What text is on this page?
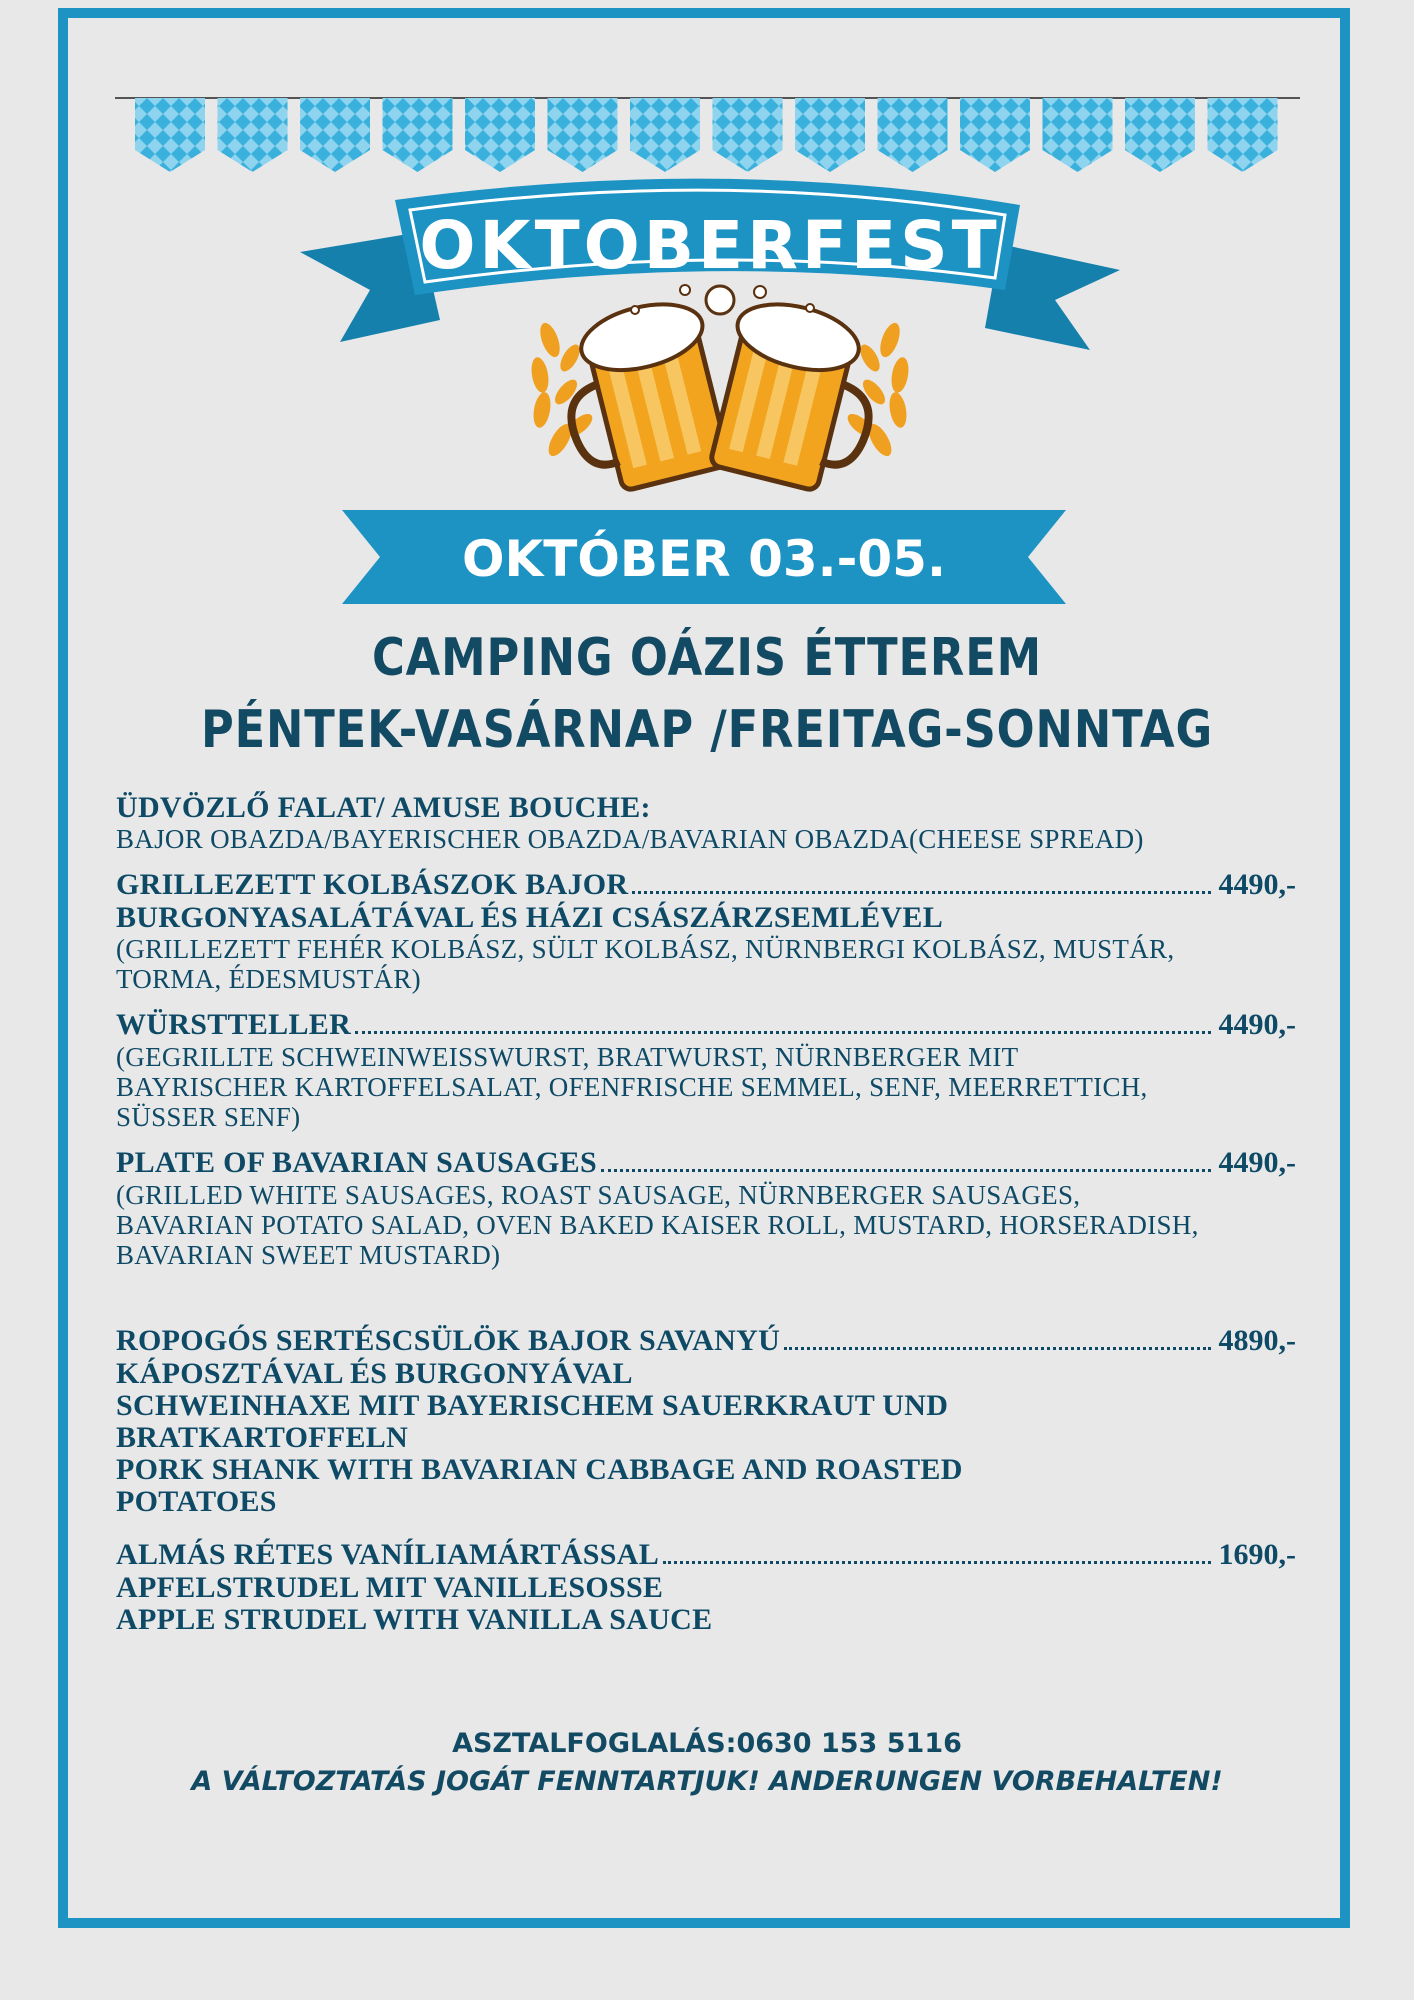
OKTOBERFEST
OKTÓBER 03.-05.
CAMPING OÁZIS ÉTTEREM
PÉNTEK-VASÁRNAP /FREITAG-SONNTAG
ÜDVÖZLŐ FALAT/ AMUSE BOUCHE:
BAJOR OBAZDA/BAYERISCHER OBAZDA/BAVARIAN OBAZDA(CHEESE SPREAD)
GRILLEZETT KOLBÁSZOK BAJOR	4490,-
BURGONYASALÁTÁVAL ÉS HÁZI CSÁSZÁRZSEMLÉVEL
(GRILLEZETT FEHÉR KOLBÁSZ, SÜLT KOLBÁSZ, NÜRNBERGI KOLBÁSZ, MUSTÁR, TORMA, ÉDESMUSTÁR)
WÜRSTTELLER	4490,-
(GEGRILLTE SCHWEINWEISSWURST, BRATWURST, NÜRNBERGER MIT BAYRISCHER KARTOFFELSALAT, OFENFRISCHE SEMMEL, SENF, MEERRETTICH, SÜSSER SENF)
PLATE OF BAVARIAN SAUSAGES	4490,-
(GRILLED WHITE SAUSAGES, ROAST SAUSAGE, NÜRNBERGER SAUSAGES, BAVARIAN POTATO SALAD, OVEN BAKED KAISER ROLL, MUSTARD, HORSERADISH, BAVARIAN SWEET MUSTARD)
ROPOGÓS SERTÉSCSÜLÖK BAJOR SAVANYÚ	4890,-
KÁPOSZTÁVAL ÉS BURGONYÁVAL
SCHWEINHAXE MIT BAYERISCHEM SAUERKRAUT UND BRATKARTOFFELN
PORK SHANK WITH BAVARIAN CABBAGE AND ROASTED POTATOES
ALMÁS RÉTES VANÍLIAMÁRTÁSSAL	1690,-
APFELSTRUDEL MIT VANILLESOSSE
APPLE STRUDEL WITH VANILLA SAUCE
ASZTALFOGLALÁS:0630 153 5116
A VÁLTOZTATÁS JOGÁT FENNTARTJUK! ANDERUNGEN VORBEHALTEN!
